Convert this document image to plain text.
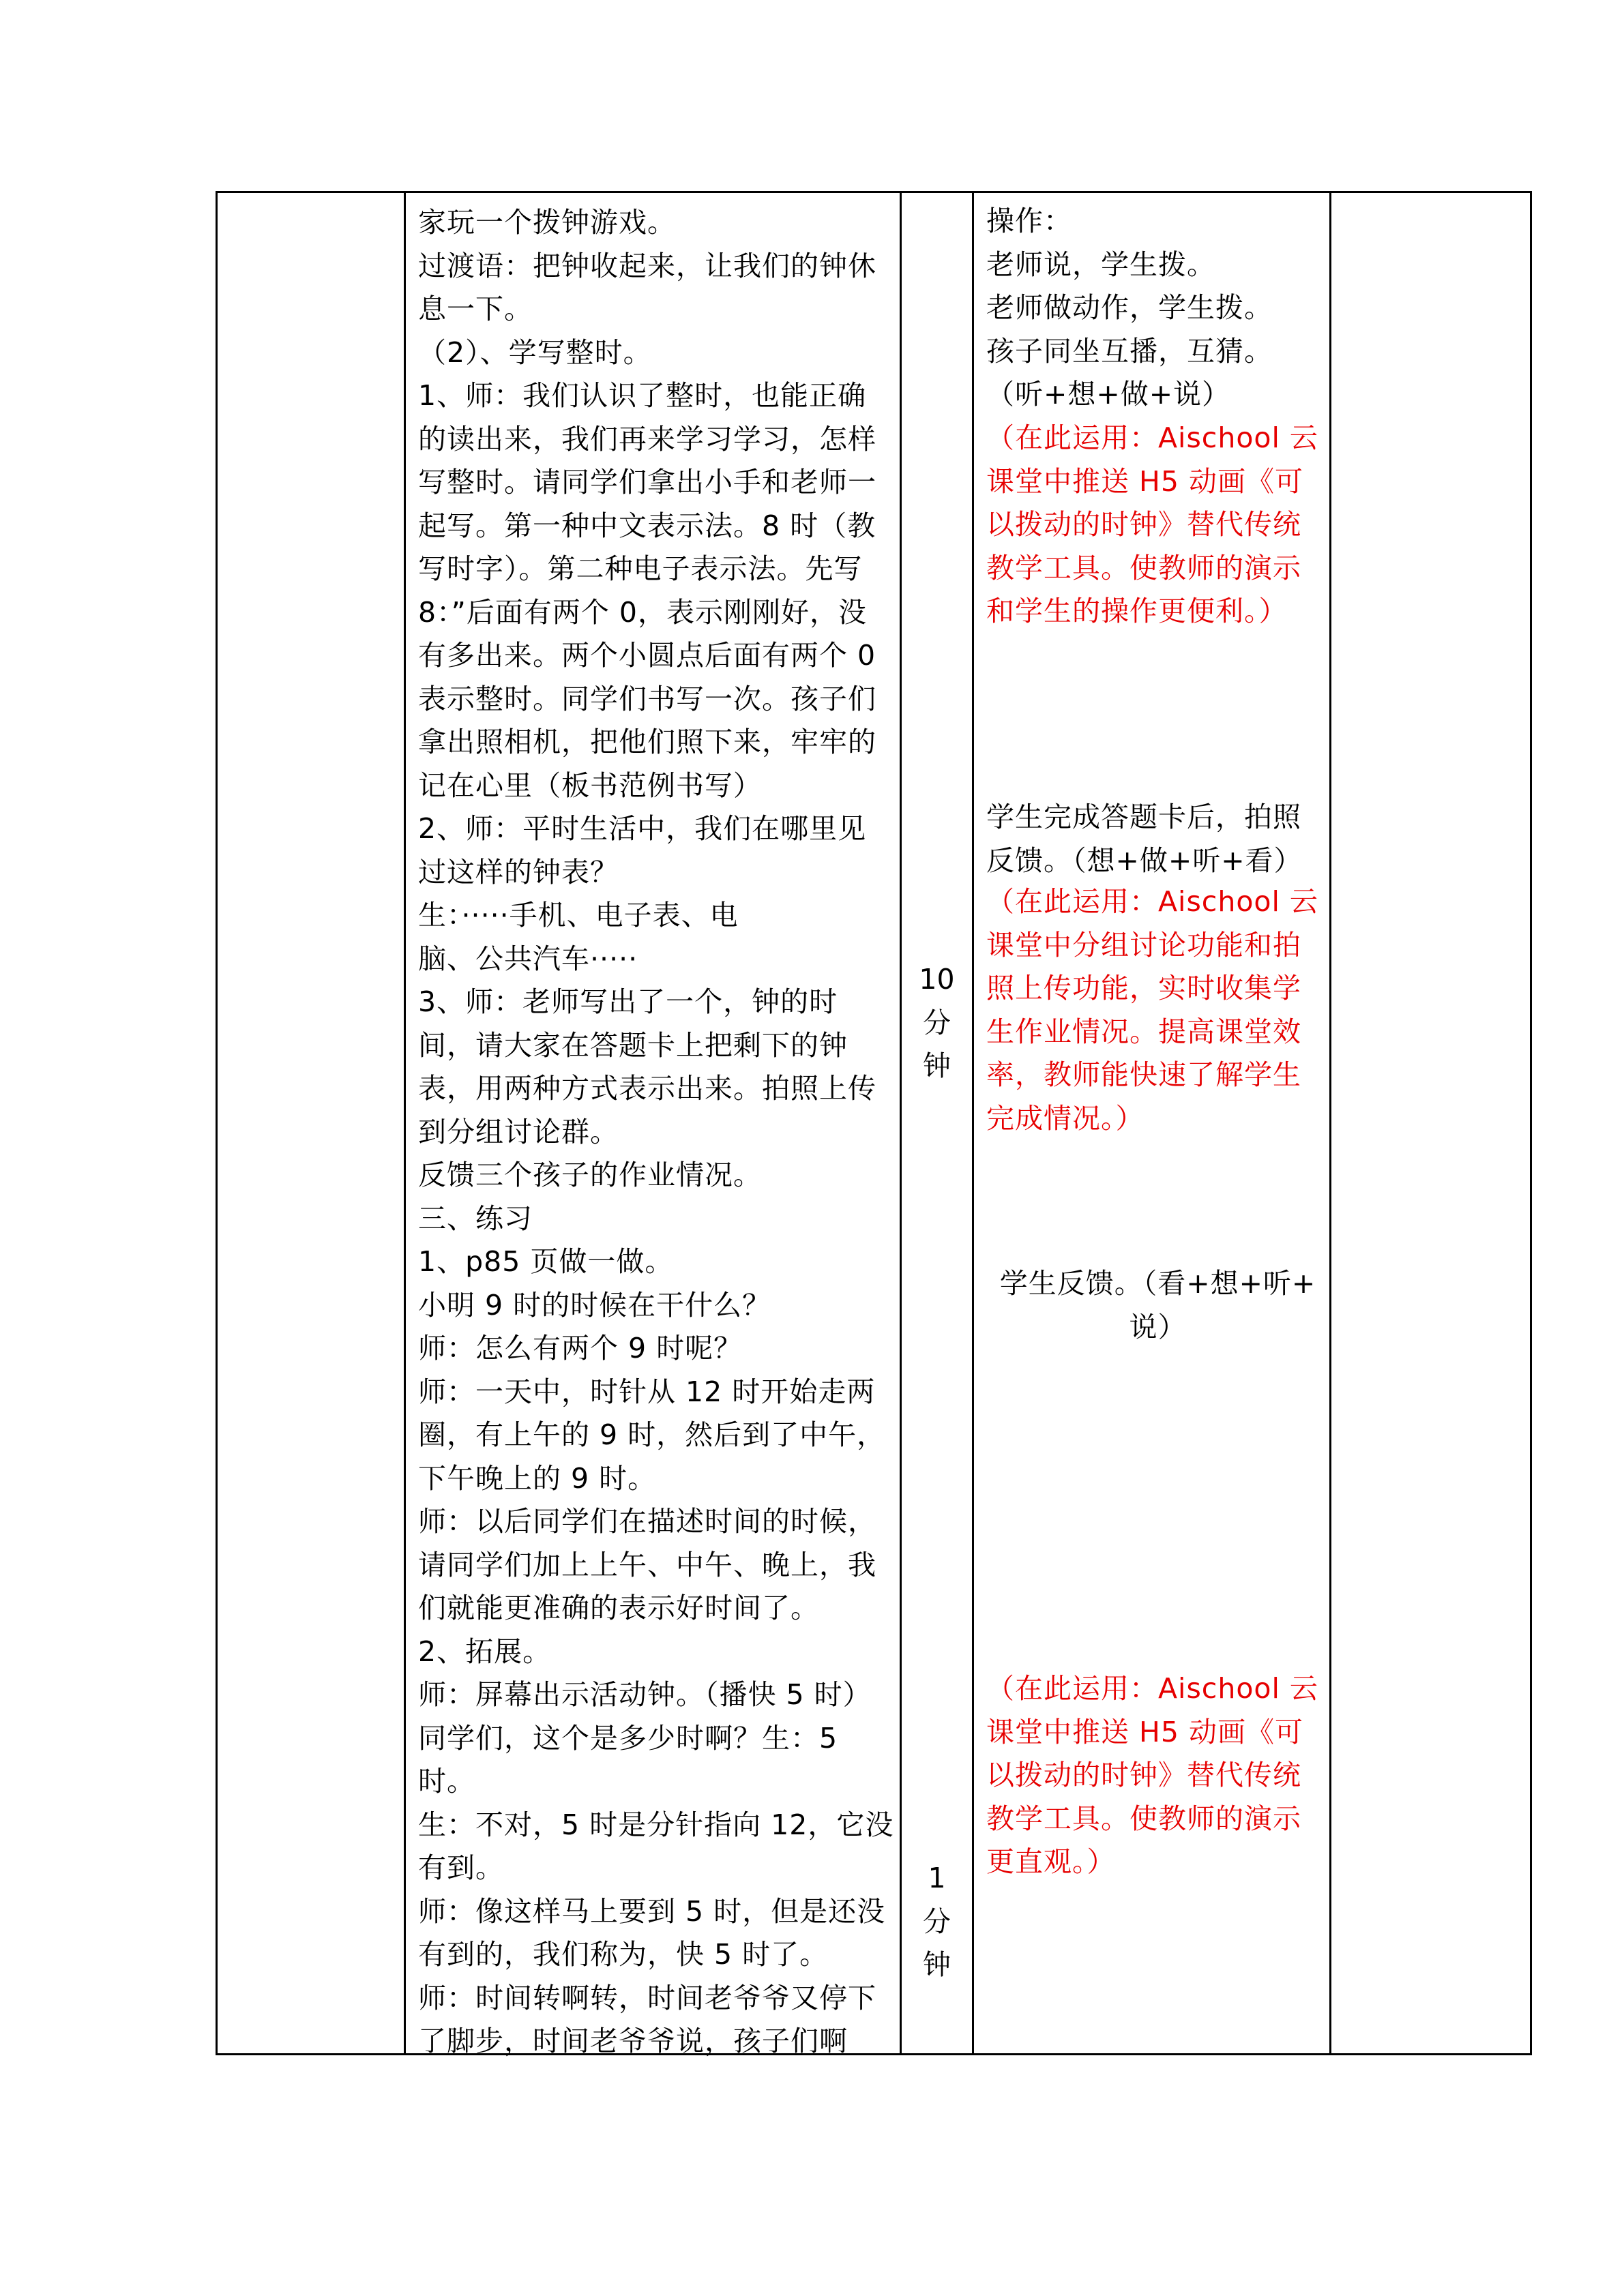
家玩一个拨钟游戏。
过渡语：把钟收起来，让我们的钟休
息一下。
（2）、学写整时。
1、师：我们认识了整时，也能正确
的读出来，我们再来学习学习，怎样
写整时。请同学们拿出小手和老师一
起写。第一种中文表示法。8 时（教
写时字）。第二种电子表示法。先写
8：”后面有两个 0，表示刚刚好，没
有多出来。两个小圆点后面有两个 0
表示整时。同学们书写一次。孩子们
拿出照相机，把他们照下来，牢牢的
记在心里（板书范例书写）
2、师：平时生活中，我们在哪里见
过这样的钟表？
生：·····手机、电子表、电
脑、公共汽车·····
3、师：老师写出了一个，钟的时
间，请大家在答题卡上把剩下的钟
表，用两种方式表示出来。拍照上传
到分组讨论群。
反馈三个孩子的作业情况。
三、练习
1、p85 页做一做。
小明 9 时的时候在干什么？
师：怎么有两个 9 时呢？
师：一天中，时针从 12 时开始走两
圈，有上午的 9 时，然后到了中午，
下午晚上的 9 时。
师：以后同学们在描述时间的时候，
请同学们加上上午、中午、晚上，我
们就能更准确的表示好时间了。
2、拓展。
师：屏幕出示活动钟。（播快 5 时）
同学们，这个是多少时啊？生：5
时。
生：不对，5 时是分针指向 12，它没
有到。
师：像这样马上要到 5 时，但是还没
有到的，我们称为，快 5 时了。
师：时间转啊转，时间老爷爷又停下
了脚步，时间老爷爷说，孩子们啊
10
分
钟
1
分
钟
操作：
老师说，学生拨。
老师做动作，学生拨。
孩子同坐互播，互猜。
（听+想+做+说）
（在此运用：Aischool 云
课堂中推送 H5 动画《可
以拨动的时钟》替代传统
教学工具。使教师的演示
和学生的操作更便利。）
学生完成答题卡后，拍照
反馈。（想+做+听+看）
（在此运用：Aischool 云
课堂中分组讨论功能和拍
照上传功能，实时收集学
生作业情况。提高课堂效
率，教师能快速了解学生
完成情况。）
学生反馈。（看+想+听+
说）
（在此运用：Aischool 云
课堂中推送 H5 动画《可
以拨动的时钟》替代传统
教学工具。使教师的演示
更直观。）
